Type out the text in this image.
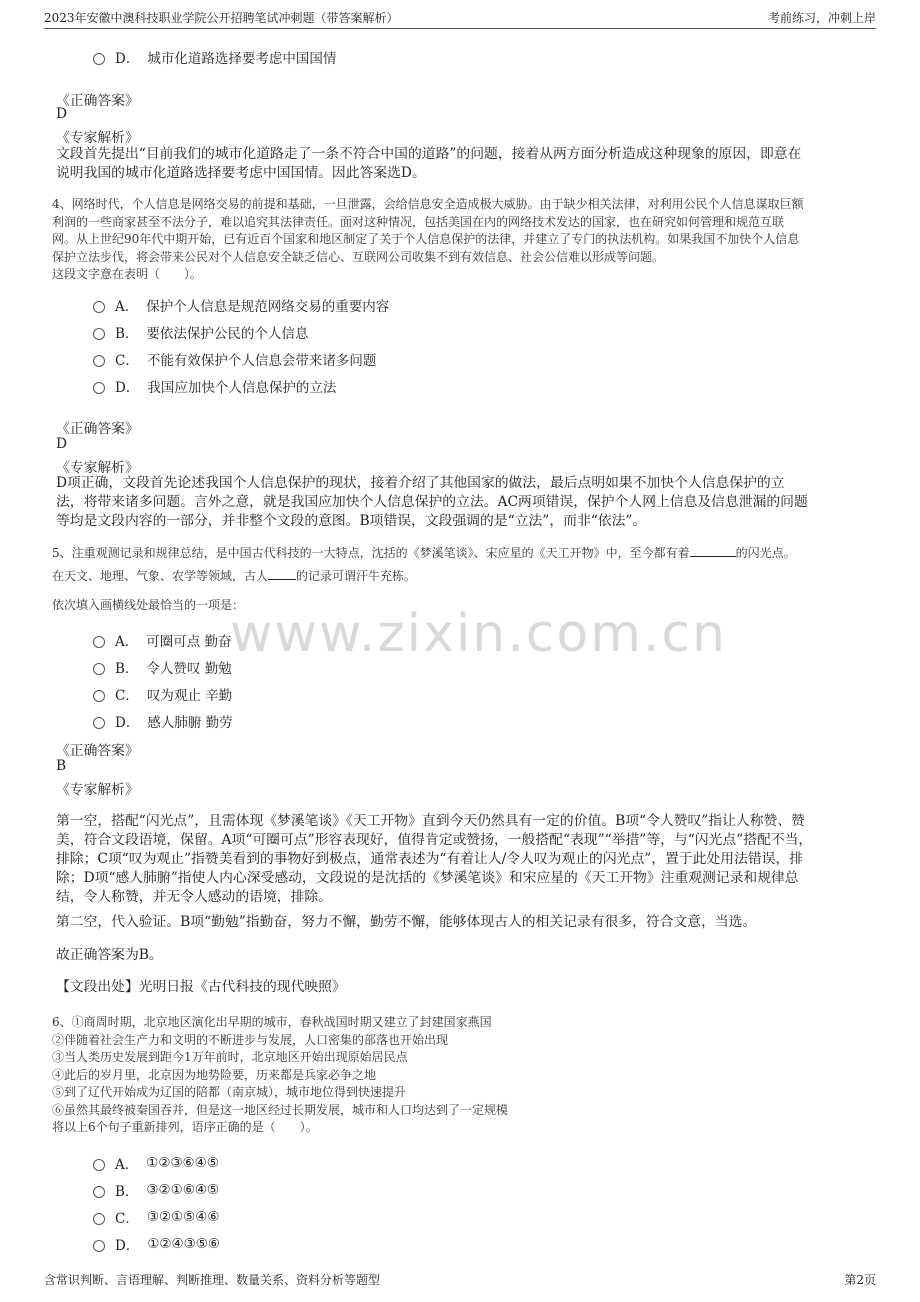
2023年安徽中澳科技职业学院公开招聘笔试冲刺题（带答案解析）	考前练习，冲刺上岸
www.zixin.com.cn
D． 城市化道路选择要考虑中国国情
《正确答案》
D
《专家解析》
文段首先提出“目前我们的城市化道路走了一条不符合中国的道路”的问题，接着从两方面分析造成这种现象的原因，即意在
说明我国的城市化道路选择要考虑中国国情。因此答案选D。
4、网络时代，个人信息是网络交易的前提和基础，一旦泄露，会给信息安全造成极大威胁。由于缺少相关法律，对利用公民个人信息谋取巨额
利润的一些商家甚至不法分子，难以追究其法律责任。面对这种情况，包括美国在内的网络技术发达的国家，也在研究如何管理和规范互联
网。从上世纪90年代中期开始，已有近百个国家和地区制定了关于个人信息保护的法律，并建立了专门的执法机构。如果我国不加快个人信息
保护立法步伐，将会带来公民对个人信息安全缺乏信心、互联网公司收集不到有效信息、社会公信难以形成等问题。
这段文字意在表明（　　）。
A． 保护个人信息是规范网络交易的重要内容
B． 要依法保护公民的个人信息
C． 不能有效保护个人信息会带来诸多问题
D． 我国应加快个人信息保护的立法
《正确答案》
D
《专家解析》
D项正确，文段首先论述我国个人信息保护的现状，接着介绍了其他国家的做法，最后点明如果不加快个人信息保护的立
法，将带来诸多问题。言外之意，就是我国应加快个人信息保护的立法。AC两项错误，保护个人网上信息及信息泄漏的问题
等均是文段内容的一部分，并非整个文段的意图。B项错误，文段强调的是“立法”，而非“依法”。
5、注重观测记录和规律总结，是中国古代科技的一大特点，沈括的《梦溪笔谈》、宋应星的《天工开物》中，至今都有着	的闪光点。
在天文、地理、气象、农学等领域，古人 的记录可谓汗牛充栋。
依次填入画横线处最恰当的一项是：
A． 可圈可点 勤奋
B． 令人赞叹 勤勉
C． 叹为观止 辛勤
D． 感人肺腑 勤劳
《正确答案》
B
《专家解析》
第一空，搭配“闪光点”，且需体现《梦溪笔谈》《天工开物》直到今天仍然具有一定的价值。B项“令人赞叹”指让人称赞、赞
美，符合文段语境，保留。A项“可圈可点”形容表现好，值得肯定或赞扬，一般搭配“表现”“举措”等，与“闪光点”搭配不当，
排除；C项“叹为观止”指赞美看到的事物好到极点，通常表述为“有着让人/令人叹为观止的闪光点”，置于此处用法错误，排
除；D项“感人肺腑”指使人内心深受感动，文段说的是沈括的《梦溪笔谈》和宋应星的《天工开物》注重观测记录和规律总
结，令人称赞，并无令人感动的语境，排除。
第二空，代入验证。B项“勤勉”指勤奋，努力不懈，勤劳不懈，能够体现古人的相关记录有很多，符合文意，当选。
故正确答案为B。
【文段出处】光明日报《古代科技的现代映照》
6、①商周时期，北京地区演化出早期的城市，春秋战国时期又建立了封建国家燕国
②伴随着社会生产力和文明的不断进步与发展，人口密集的部落也开始出现
③当人类历史发展到距今1万年前时，北京地区开始出现原始居民点
④此后的岁月里，北京因为地势险要，历来都是兵家必争之地
⑤到了辽代开始成为辽国的陪都（南京城），城市地位得到快速提升
⑥虽然其最终被秦国吞并，但是这一地区经过长期发展，城市和人口均达到了一定规模
将以上6个句子重新排列，语序正确的是（　　）。
A． ①②③⑥④⑤
B． ③②①⑥④⑤
C． ③②①⑤④⑥
D． ①②④③⑤⑥
含常识判断、言语理解、判断推理、数量关系、资料分析等题型	第2页
